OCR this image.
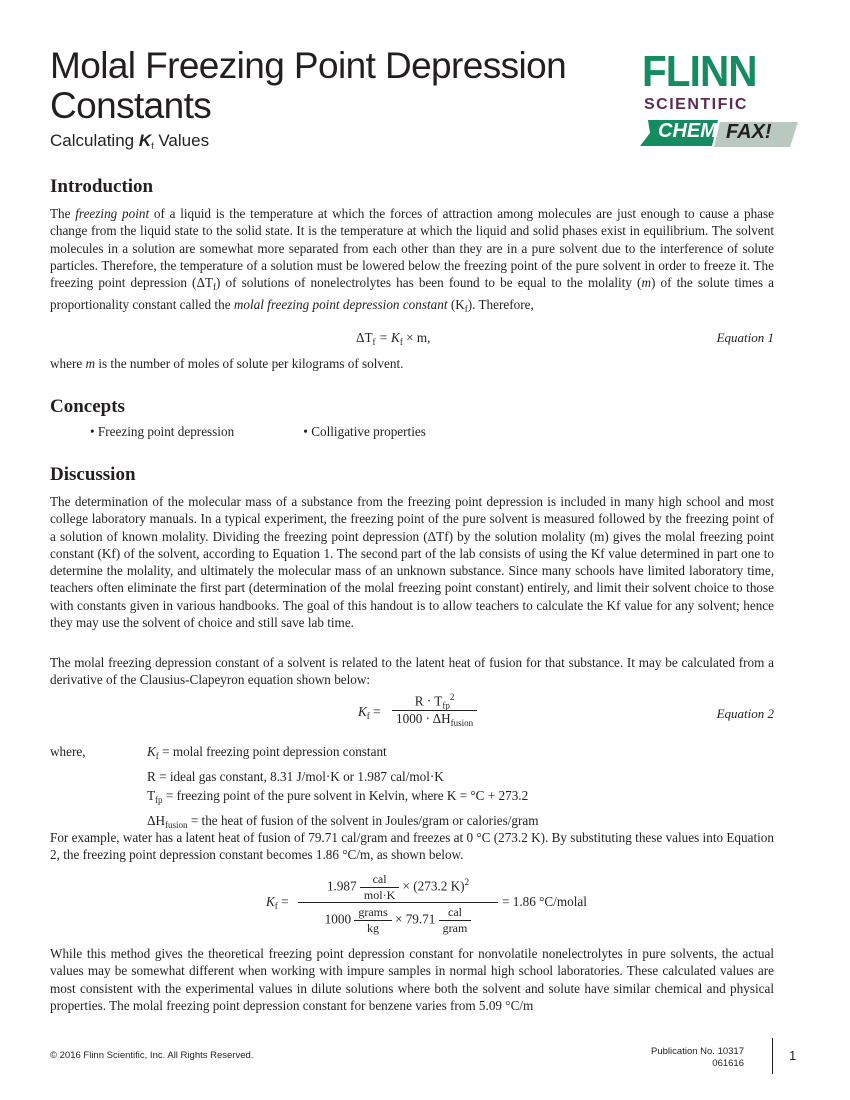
Molal Freezing Point Depression
Constants
Calculating $K_f$ Values
FLINN
SCIENTIFIC
CHEM FAX!
Introduction

The freezing point of a liquid is the temperature at which the forces of attraction among molecules are just enough to cause a phase change from the liquid state to the solid state. It is the temperature at which the liquid and solid phases exist in equilibrium. The solvent molecules in a solution are somewhat more separated from each other than they are in a pure solvent due to the interference of solute particles. Therefore, the temperature of a solution must be lowered below the freezing point of the pure solvent in order to freeze it. The freezing point depression $(\Delta T_f)$ of solutions of nonelectrolytes has been found to be equal to the molality (m) of the solute times a proportionality constant called the molal freezing point depression constant $(K_f)$. Therefore,

$\Delta T_f = K_f \times m$,	Equation 1
where m is the number of moles of solute per kilograms of solvent.
Concepts
• Freezing point depression	• Colligative properties
Discussion
The determination of the molecular mass of a substance from the freezing point depression is included in many high school and most college laboratory manuals. In a typical experiment, the freezing point of the pure solvent is measured followed by the freezing point of a solution of known molality. Dividing the freezing point depression (ΔTf) by the solution molality (m) gives the molal freezing point constant (Kf) of the solvent, according to Equation 1. The second part of the lab consists of using the Kf value determined in part one to determine the molality, and ultimately the molecular mass of an unknown substance. Since many schools have limited laboratory time, teachers often eliminate the first part (determination of the molal freezing point constant) entirely, and limit their solvent choice to those with constants given in various handbooks. The goal of this handout is to allow teachers to calculate the Kf value for any solvent; hence they may use the solvent of choice and still save lab time.
The molal freezing depression constant of a solvent is related to the latent heat of fusion for that substance. It may be calculated from a derivative of the Clausius-Clapeyron equation shown below:
$K_f$ =
$R \cdot T_{fp}^2$
$1000 \cdot \Delta H_{fusion}$
Equation 2
where,	$K_f$ = molal freezing point depression constant
R = ideal gas constant, 8.31 J/mol·K or 1.987 cal/mol·K
$T_{fp}$ = freezing point of the pure solvent in Kelvin, where K = °C + 273.2
$\Delta H_{fusion}$ = the heat of fusion of the solvent in Joules/gram or calories/gram
For example, water has a latent heat of fusion of 79.71 cal/gram and freezes at 0 °C (273.2 K). By substituting these values into Equation 2, the freezing point depression constant becomes 1.86 °C/m, as shown below.
$K_f$ =
$1.987 \frac{\text{cal}}{\text{mol·K}} \times (273.2$ K)$^2$
$1000 \frac{\text{grams}}{kg} \times 79.71 \frac{\text{cal}}{\text{gram}}$
= 1.86 °C/molal
While this method gives the theoretical freezing point depression constant for nonvolatile nonelectrolytes in pure solvents, the actual values may be somewhat different when working with impure samples in normal high school laboratories. These calculated values are most consistent with the experimental values in dilute solutions where both the solvent and solute have similar chemical and physical properties. The molal freezing point depression constant for benzene varies from 5.09 °C/m
© 2016 Flinn Scientific, Inc. All Rights Reserved.	Publication No. 10317
061616
1
